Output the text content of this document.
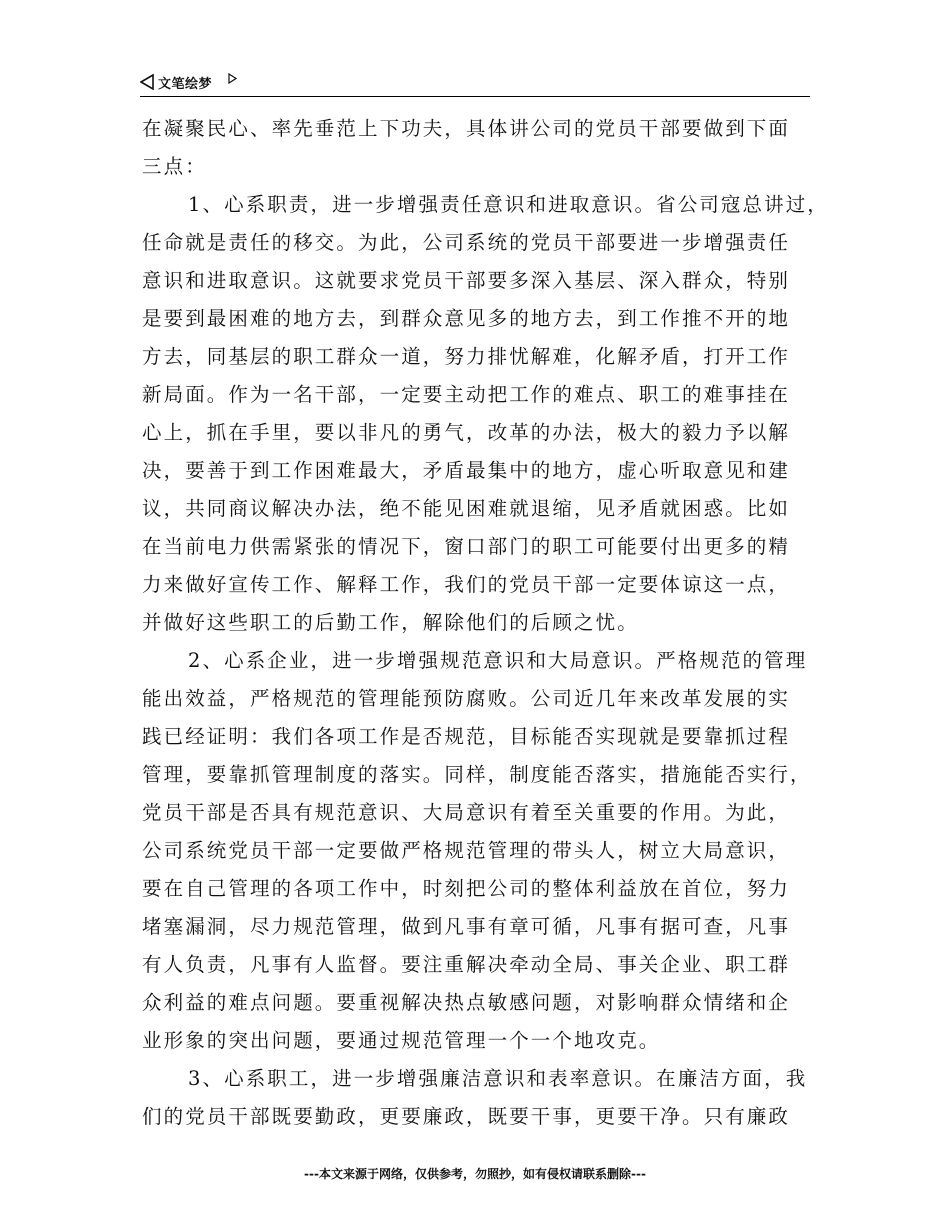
文笔绘梦
在凝聚民心、率先垂范上下功夫，具体讲公司的党员干部要做到下面
三点：
1、心系职责，进一步增强责任意识和进取意识。省公司寇总讲过，
任命就是责任的移交。为此，公司系统的党员干部要进一步增强责任
意识和进取意识。这就要求党员干部要多深入基层、深入群众，特别
是要到最困难的地方去，到群众意见多的地方去，到工作推不开的地
方去，同基层的职工群众一道，努力排忧解难，化解矛盾，打开工作
新局面。作为一名干部，一定要主动把工作的难点、职工的难事挂在
心上，抓在手里，要以非凡的勇气，改革的办法，极大的毅力予以解
决，要善于到工作困难最大，矛盾最集中的地方，虚心听取意见和建
议，共同商议解决办法，绝不能见困难就退缩，见矛盾就困惑。比如
在当前电力供需紧张的情况下，窗口部门的职工可能要付出更多的精
力来做好宣传工作、解释工作，我们的党员干部一定要体谅这一点，
并做好这些职工的后勤工作，解除他们的后顾之忧。
2、心系企业，进一步增强规范意识和大局意识。严格规范的管理
能出效益，严格规范的管理能预防腐败。公司近几年来改革发展的实
践已经证明：我们各项工作是否规范，目标能否实现就是要靠抓过程
管理，要靠抓管理制度的落实。同样，制度能否落实，措施能否实行，
党员干部是否具有规范意识、大局意识有着至关重要的作用。为此，
公司系统党员干部一定要做严格规范管理的带头人，树立大局意识，
要在自己管理的各项工作中，时刻把公司的整体利益放在首位，努力
堵塞漏洞，尽力规范管理，做到凡事有章可循，凡事有据可查，凡事
有人负责，凡事有人监督。要注重解决牵动全局、事关企业、职工群
众利益的难点问题。要重视解决热点敏感问题，对影响群众情绪和企
业形象的突出问题，要通过规范管理一个一个地攻克。
3、心系职工，进一步增强廉洁意识和表率意识。在廉洁方面，我
们的党员干部既要勤政，更要廉政，既要干事，更要干净。只有廉政
---本文来源于网络，仅供参考，勿照抄，如有侵权请联系删除---
